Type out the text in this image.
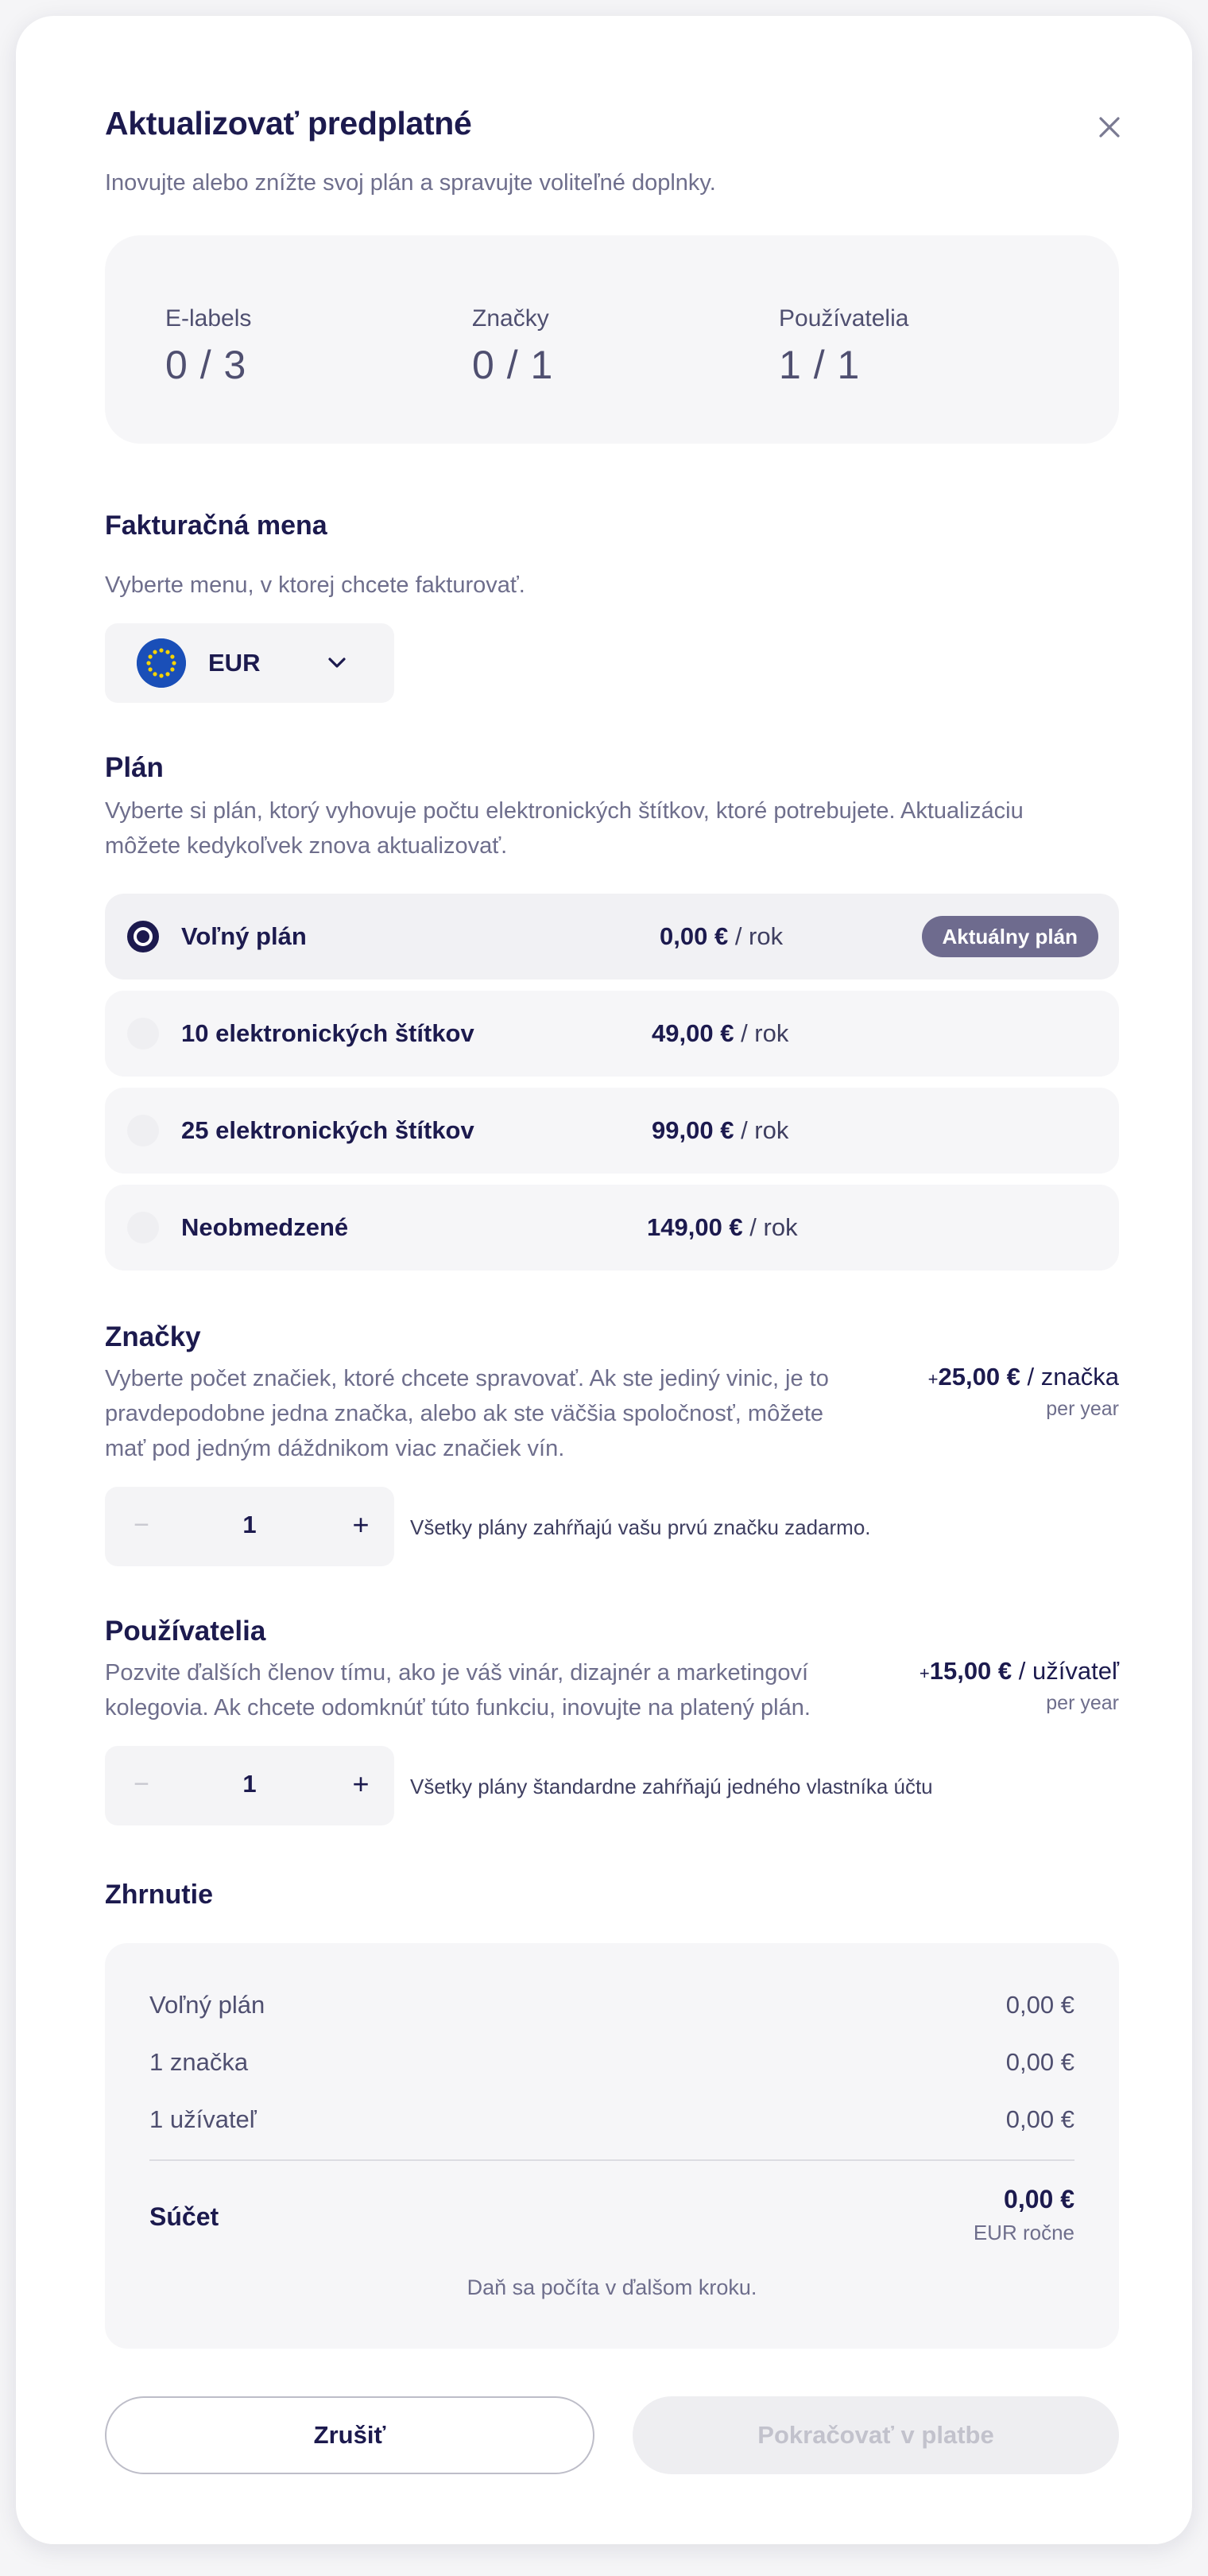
Aktualizovať predplatné
Inovujte alebo znížte svoj plán a spravujte voliteľné doplnky.
E-labels
0 / 3
Značky
0 / 1
Používatelia
1 / 1
Fakturačná mena
Vyberte menu, v ktorej chcete fakturovať.
EUR
Plán
Vyberte si plán, ktorý vyhovuje počtu elektronických štítkov, ktoré potrebujete. Aktualizáciu
môžete kedykoľvek znova aktualizovať.
Voľný plán	0,00 € / rok	Aktuálny plán
10 elektronických štítkov	49,00 € / rok
25 elektronických štítkov	99,00 € / rok
Neobmedzené	149,00 € / rok
Značky
Vyberte počet značiek, ktoré chcete spravovať. Ak ste jediný vinic, je to
pravdepodobne jedna značka, alebo ak ste väčšia spoločnosť, môžete
mať pod jedným dáždnikom viac značiek vín.
+25,00 € / značka
per year
−	1	+	Všetky plány zahŕňajú vašu prvú značku zadarmo.
Používatelia
Pozvite ďalších členov tímu, ako je váš vinár, dizajnér a marketingoví
kolegovia. Ak chcete odomknúť túto funkciu, inovujte na platený plán.
+15,00 € / užívateľ
per year
−	1	+	Všetky plány štandardne zahŕňajú jedného vlastníka účtu
Zhrnutie
Voľný plán	0,00 €
1 značka	0,00 €
1 užívateľ	0,00 €
Súčet
0,00 €
EUR ročne
Daň sa počíta v ďalšom kroku.
Zrušiť	Pokračovať v platbe
